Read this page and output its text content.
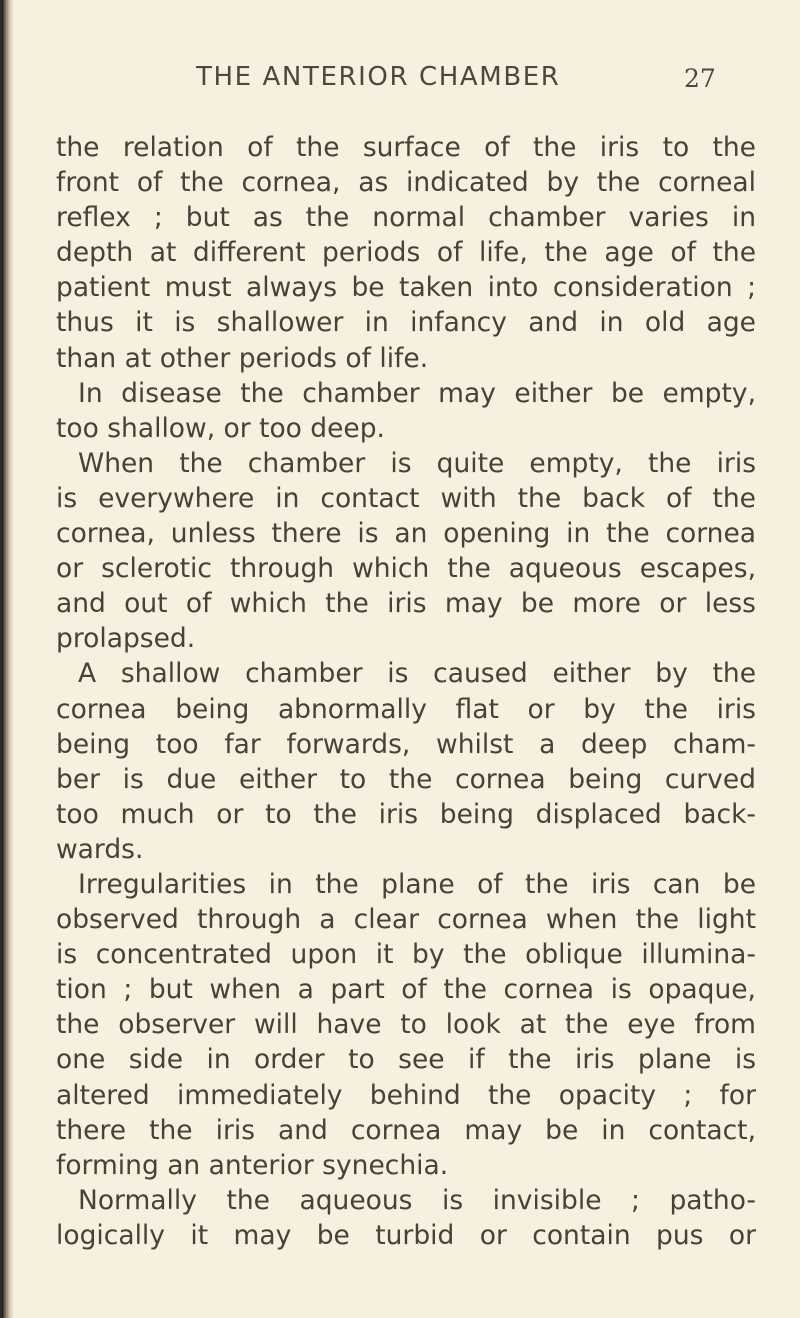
THE ANTERIOR CHAMBER	27
the relation of the surface of the iris to the
front of the cornea, as indicated by the corneal
reflex ; but as the normal chamber varies in
depth at different periods of life, the age of the
patient must always be taken into consideration ;
thus it is shallower in infancy and in old age
than at other periods of life.
In disease the chamber may either be empty,
too shallow, or too deep.
When the chamber is quite empty, the iris
is everywhere in contact with the back of the
cornea, unless there is an opening in the cornea
or sclerotic through which the aqueous escapes,
and out of which the iris may be more or less
prolapsed.
A shallow chamber is caused either by the
cornea being abnormally flat or by the iris
being too far forwards, whilst a deep cham-
ber is due either to the cornea being curved
too much or to the iris being displaced back-
wards.
Irregularities in the plane of the iris can be
observed through a clear cornea when the light
is concentrated upon it by the oblique illumina-
tion ; but when a part of the cornea is opaque,
the observer will have to look at the eye from
one side in order to see if the iris plane is
altered immediately behind the opacity ; for
there the iris and cornea may be in contact,
forming an anterior synechia.
Normally the aqueous is invisible ; patho-
logically it may be turbid or contain pus or
